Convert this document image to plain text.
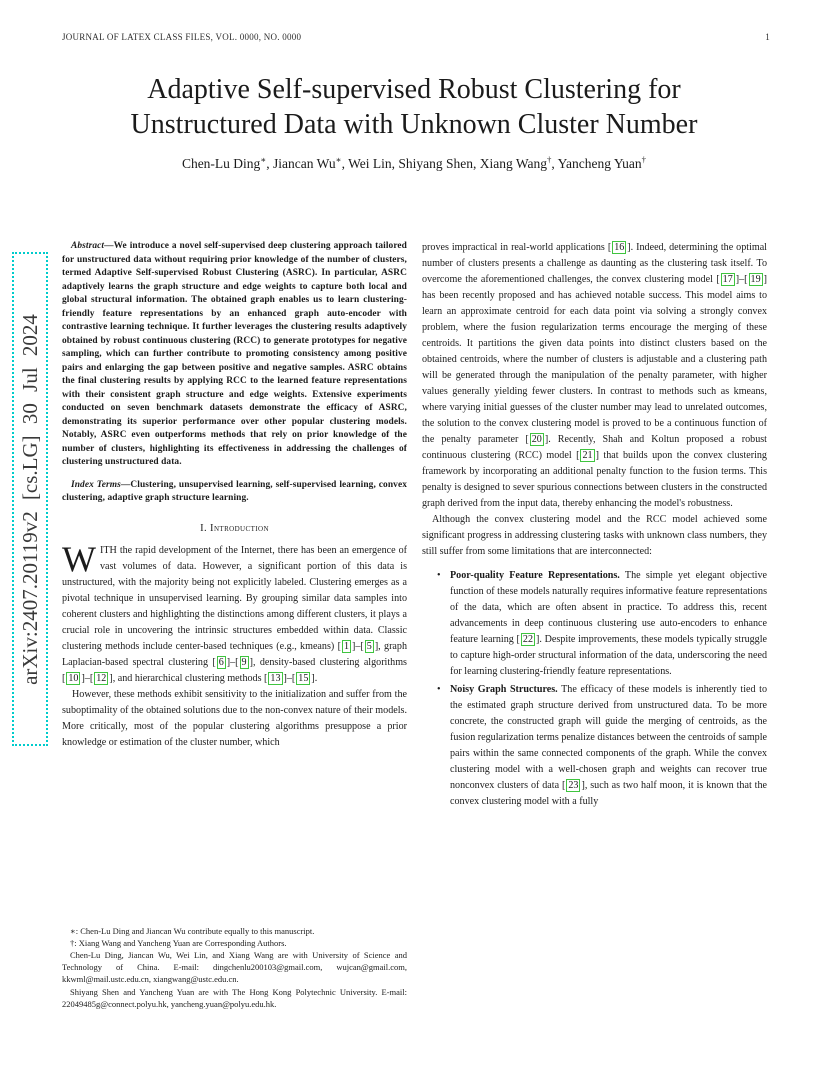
JOURNAL OF LATEX CLASS FILES, VOL. 0000, NO. 0000	1
arXiv:2407.20119v2 [cs.LG] 30 Jul 2024
Adaptive Self-supervised Robust Clustering for Unstructured Data with Unknown Cluster Number
Chen-Lu Ding∗, Jiancan Wu∗, Wei Lin, Shiyang Shen, Xiang Wang†, Yancheng Yuan†

Abstract—We introduce a novel self-supervised deep clustering approach tailored for unstructured data without requiring prior knowledge of the number of clusters, termed Adaptive Self-supervised Robust Clustering (ASRC). In particular, ASRC adaptively learns the graph structure and edge weights to capture both local and global structural information. The obtained graph enables us to learn clustering-friendly feature representations by an enhanced graph auto-encoder with contrastive learning technique. It further leverages the clustering results adaptively obtained by robust continuous clustering (RCC) to generate prototypes for negative sampling, which can further contribute to promoting consistency among positive pairs and enlarging the gap between positive and negative samples. ASRC obtains the final clustering results by applying RCC to the learned feature representations with their consistent graph structure and edge weights. Extensive experiments conducted on seven benchmark datasets demonstrate the efficacy of ASRC, demonstrating its superior performance over other popular clustering models. Notably, ASRC even outperforms methods that rely on prior knowledge of the number of clusters, highlighting its effectiveness in addressing the challenges of clustering unstructured data.

Index Terms—Clustering, unsupervised learning, self-supervised learning, convex clustering, adaptive graph structure learning.

I. Introduction

WITH the rapid development of the Internet, there has been an emergence of vast volumes of data. However, a significant portion of this data is unstructured, with the majority being not explicitly labeled. Clustering emerges as a pivotal technique in unsupervised learning. By grouping similar data samples into coherent clusters and highlighting the distinctions among different clusters, it plays a crucial role in uncovering the intrinsic structures embedded within data. Classic clustering methods include center-based techniques (e.g., kmeans) [ 1 ]–[ 5 ], graph Laplacian-based spectral clustering [ 6 ]–[ 9 ], density-based clustering algorithms [ 10 ]–[ 12 ], and hierarchical clustering methods [ 13 ]–[ 15 ].

However, these methods exhibit sensitivity to the initialization and suffer from the suboptimality of the obtained solutions due to the non-convex nature of their models. More critically, most of the popular clustering algorithms presuppose a prior knowledge or estimation of the cluster number, which

∗: Chen-Lu Ding and Jiancan Wu contribute equally to this manuscript.

†: Xiang Wang and Yancheng Yuan are Corresponding Authors.

Chen-Lu Ding, Jiancan Wu, Wei Lin, and Xiang Wang are with University of Science and Technology of China. E-mail: dingchenlu200103@gmail.com, wujcan@gmail.com, kkwml@mail.ustc.edu.cn, xiangwang@ustc.edu.cn.

Shiyang Shen and Yancheng Yuan are with The Hong Kong Polytechnic University. E-mail: 22049485g@connect.polyu.hk, yancheng.yuan@polyu.edu.hk.

proves impractical in real-world applications [ 16 ]. Indeed, determining the optimal number of clusters presents a challenge as daunting as the clustering task itself. To overcome the aforementioned challenges, the convex clustering model [ 17 ]–[ 19 ] has been recently proposed and has achieved notable success. This model aims to learn an approximate centroid for each data point via solving a strongly convex problem, where the fusion regularization terms encourage the merging of these centroids. It partitions the given data points into distinct clusters based on the obtained centroids, where the number of clusters is adjustable and a clustering path will be generated through the manipulation of the penalty parameter, with higher values generally yielding fewer clusters. In contrast to methods such as kmeans, where varying initial guesses of the cluster number may lead to unrelated outcomes, the solution to the convex clustering model is proved to be a continuous function of the penalty parameter [ 20 ]. Recently, Shah and Koltun proposed a robust continuous clustering (RCC) model [ 21 ] that builds upon the convex clustering framework by incorporating an additional penalty function to the fusion terms. This penalty is designed to sever spurious connections between clusters in the constructed graph derived from the input data, thereby enhancing the model's robustness.

Although the convex clustering model and the RCC model achieved some significant progress in addressing clustering tasks with unknown class numbers, they still suffer from some limitations that are interconnected:

• Poor-quality Feature Representations. The simple yet elegant objective function of these models naturally requires informative feature representations of the data, which are often absent in practice. To address this, recent advancements in deep continuous clustering use auto-encoders to enhance feature learning [ 22 ]. Despite improvements, these models typically struggle to capture high-order structural information of the data, underscoring the need for learning clustering-friendly feature representations.
• Noisy Graph Structures. The efficacy of these models is inherently tied to the estimated graph structure derived from unstructured data. To be more concrete, the constructed graph will guide the merging of centroids, as the fusion regularization terms penalize distances between the centroids of sample pairs within the same connected components of the graph. While the convex clustering model with a well-chosen graph and weights can recover true nonconvex clusters of data [ 23 ], such as two half moon, it is known that the convex clustering model with a fully
